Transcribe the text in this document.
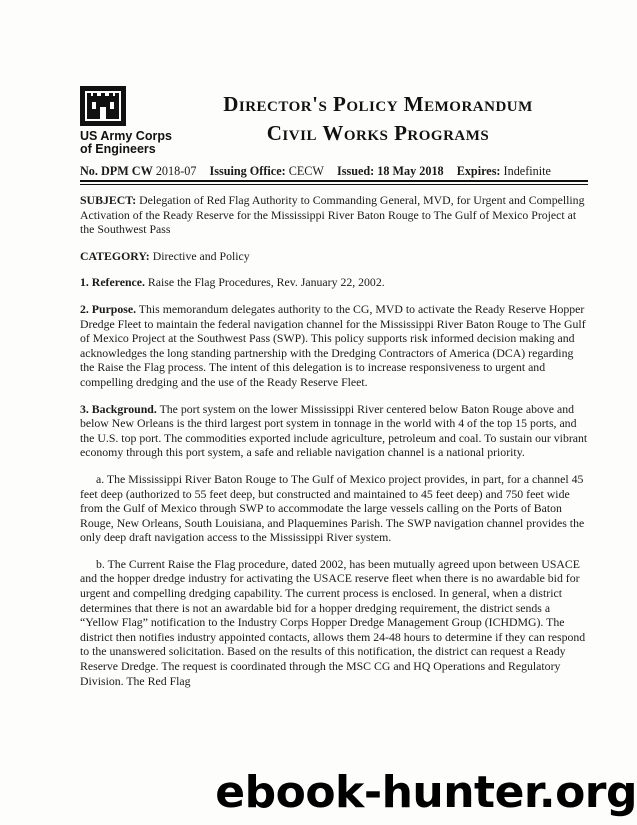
US Army Corps
of Engineers
Director's Policy Memorandum
Civil Works Programs
No. DPM CW 2018-07 Issuing Office: CECW Issued: 18 May 2018 Expires: Indefinite

SUBJECT: Delegation of Red Flag Authority to Commanding General, MVD, for Urgent and Compelling Activation of the Ready Reserve for the Mississippi River Baton Rouge to The Gulf of Mexico Project at the Southwest Pass

CATEGORY: Directive and Policy

1. Reference. Raise the Flag Procedures, Rev. January 22, 2002.

2. Purpose. This memorandum delegates authority to the CG, MVD to activate the Ready Reserve Hopper Dredge Fleet to maintain the federal navigation channel for the Mississippi River Baton Rouge to The Gulf of Mexico Project at the Southwest Pass (SWP). This policy supports risk informed decision making and acknowledges the long standing partnership with the Dredging Contractors of America (DCA) regarding the Raise the Flag process. The intent of this delegation is to increase responsiveness to urgent and compelling dredging and the use of the Ready Reserve Fleet.

3. Background. The port system on the lower Mississippi River centered below Baton Rouge above and below New Orleans is the third largest port system in tonnage in the world with 4 of the top 15 ports, and the U.S. top port. The commodities exported include agriculture, petroleum and coal. To sustain our vibrant economy through this port system, a safe and reliable navigation channel is a national priority.

a. The Mississippi River Baton Rouge to The Gulf of Mexico project provides, in part, for a channel 45 feet deep (authorized to 55 feet deep, but constructed and maintained to 45 feet deep) and 750 feet wide from the Gulf of Mexico through SWP to accommodate the large vessels calling on the Ports of Baton Rouge, New Orleans, South Louisiana, and Plaquemines Parish. The SWP navigation channel provides the only deep draft navigation access to the Mississippi River system.

b. The Current Raise the Flag procedure, dated 2002, has been mutually agreed upon between USACE and the hopper dredge industry for activating the USACE reserve fleet when there is no awardable bid for urgent and compelling dredging capability. The current process is enclosed. In general, when a district determines that there is not an awardable bid for a hopper dredging requirement, the district sends a “Yellow Flag” notification to the Industry Corps Hopper Dredge Management Group (ICHDMG). The district then notifies industry appointed contacts, allows them 24-48 hours to determine if they can respond to the unanswered solicitation. Based on the results of this notification, the district can request a Ready Reserve Dredge. The request is coordinated through the MSC CG and HQ Operations and Regulatory Division. The Red Flag

ebook-hunter.org
